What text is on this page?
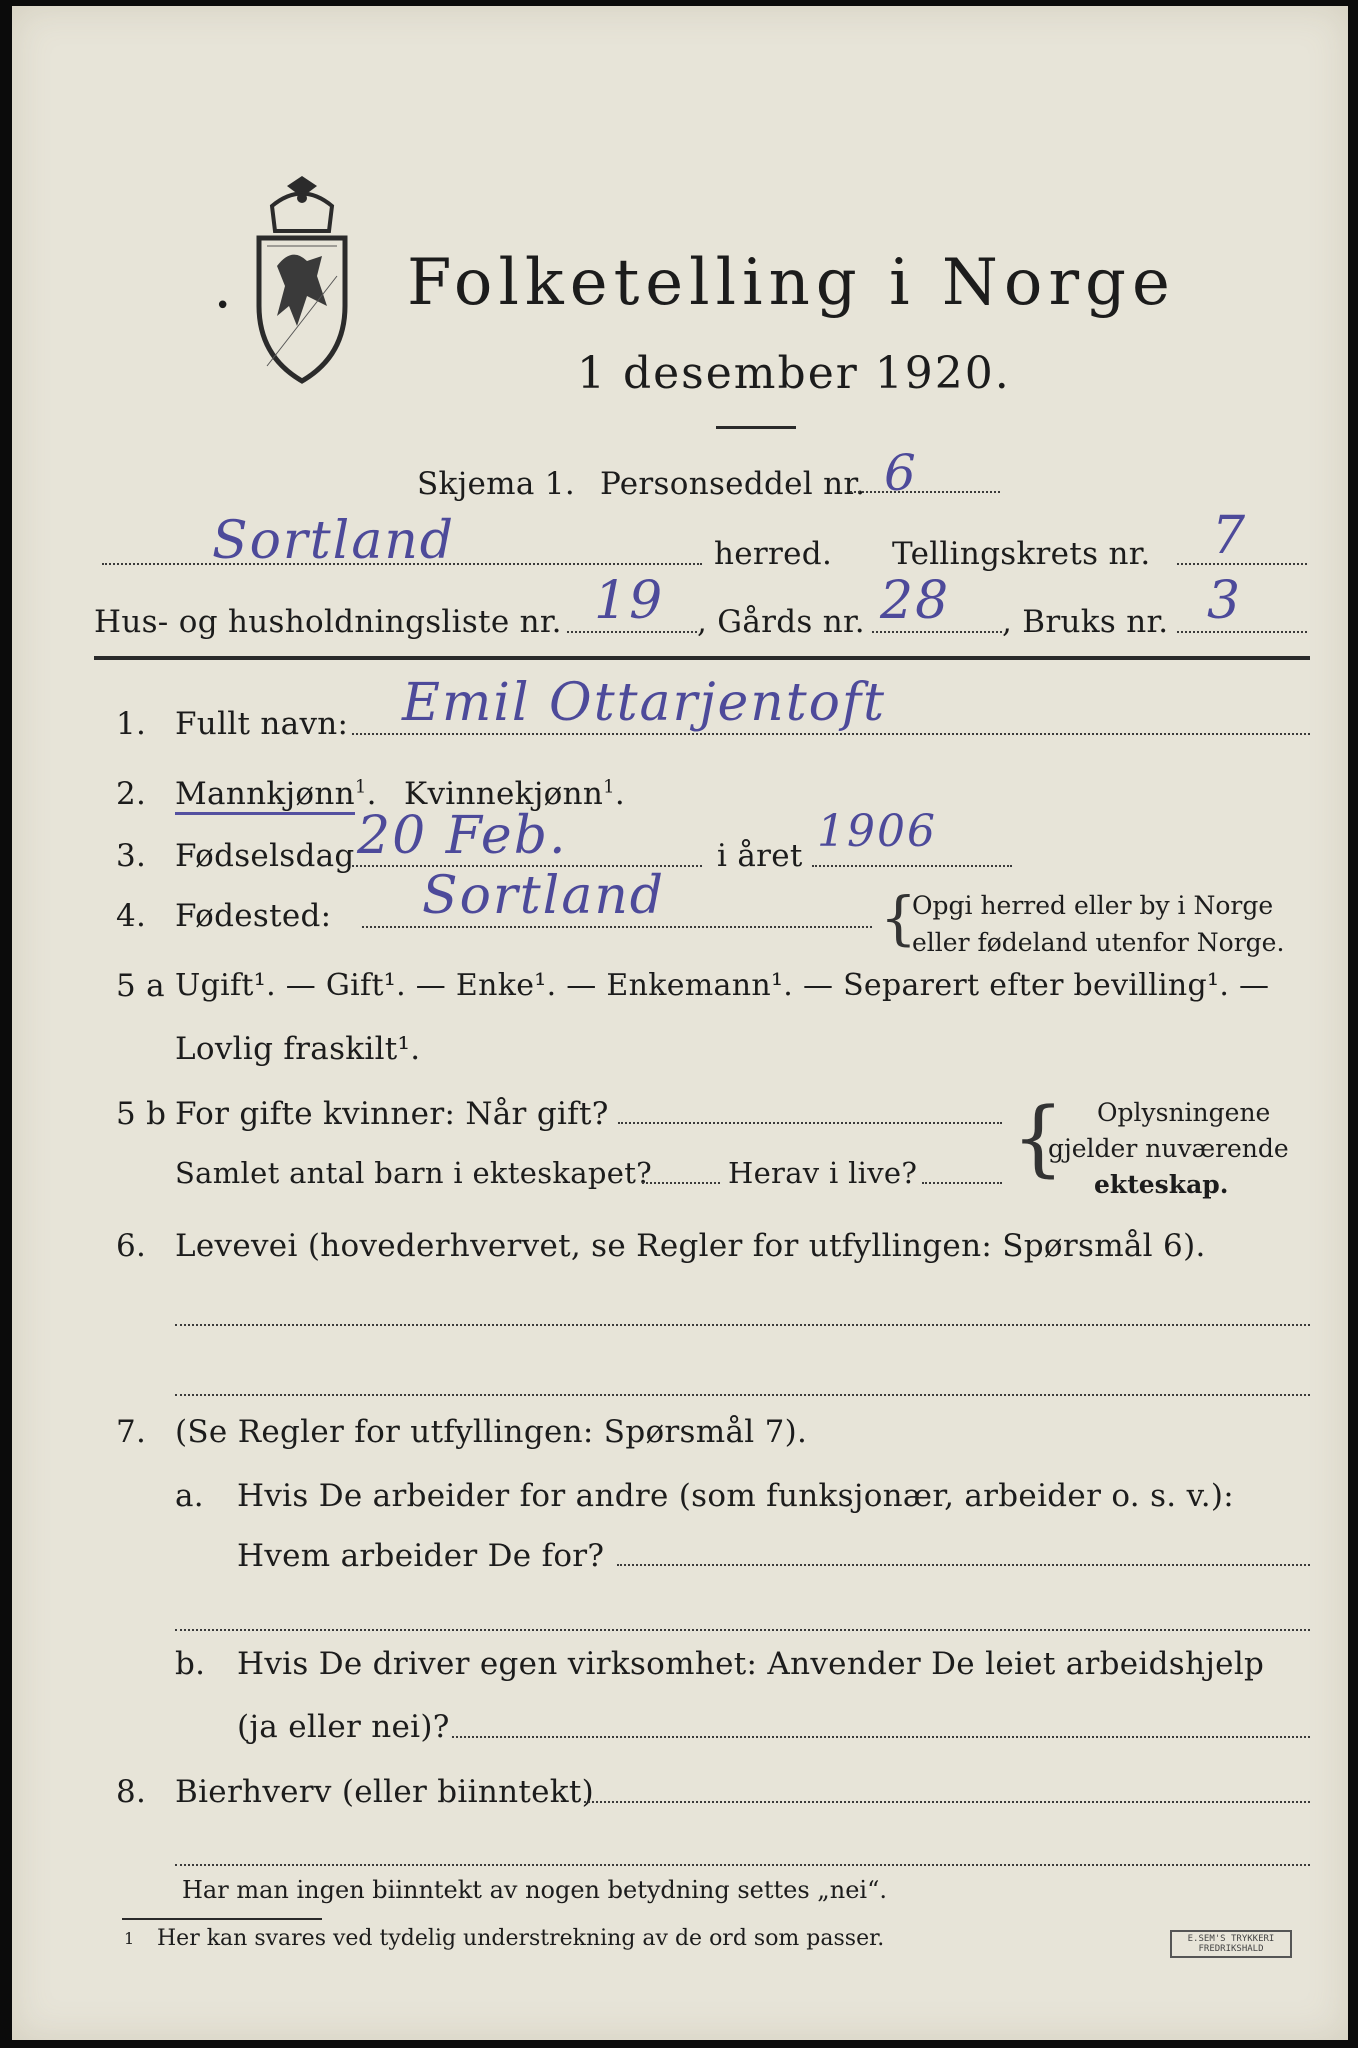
•	Folketelling i Norge
1 desember 1920.
Skjema 1. Personseddel nr. 6
Sortland	herred. Tellingskrets nr. 7
Hus- og husholdningsliste nr. 19 , Gårds nr. 28 , Bruks nr. 3
1. Fullt navn: Emil Ottarjentoft
2. Mannkjønn$^1$. Kvinnekjønn$^1$.
3. Fødselsdag 20 Feb.	i året 1906
4. Fødested: Sortland	{
Opgi herred eller by i Norge
eller fødeland utenfor Norge.
5 a Ugift¹. — Gift¹. — Enke¹. — Enkemann¹. — Separert efter bevilling¹. —
Lovlig fraskilt¹.
5 b For gifte kvinner: Når gift?
Samlet antal barn i ekteskapet?	Herav i live? { Oplysningene
gjelder nuværende
ekteskap.
6. Levevei (hovederhvervet, se Regler for utfyllingen: Spørsmål 6).
7. (Se Regler for utfyllingen: Spørsmål 7).
a. Hvis De arbeider for andre (som funksjonær, arbeider o. s. v.):
Hvem arbeider De for?
b. Hvis De driver egen virksomhet: Anvender De leiet arbeidshjelp
(ja eller nei)?
8. Bierhverv (eller biinntekt)
Har man ingen biinntekt av nogen betydning settes „nei“.
1 Her kan svares ved tydelig understrekning av de ord som passer.	E.SEM'S TRYKKERI
FREDRIKSHALD
